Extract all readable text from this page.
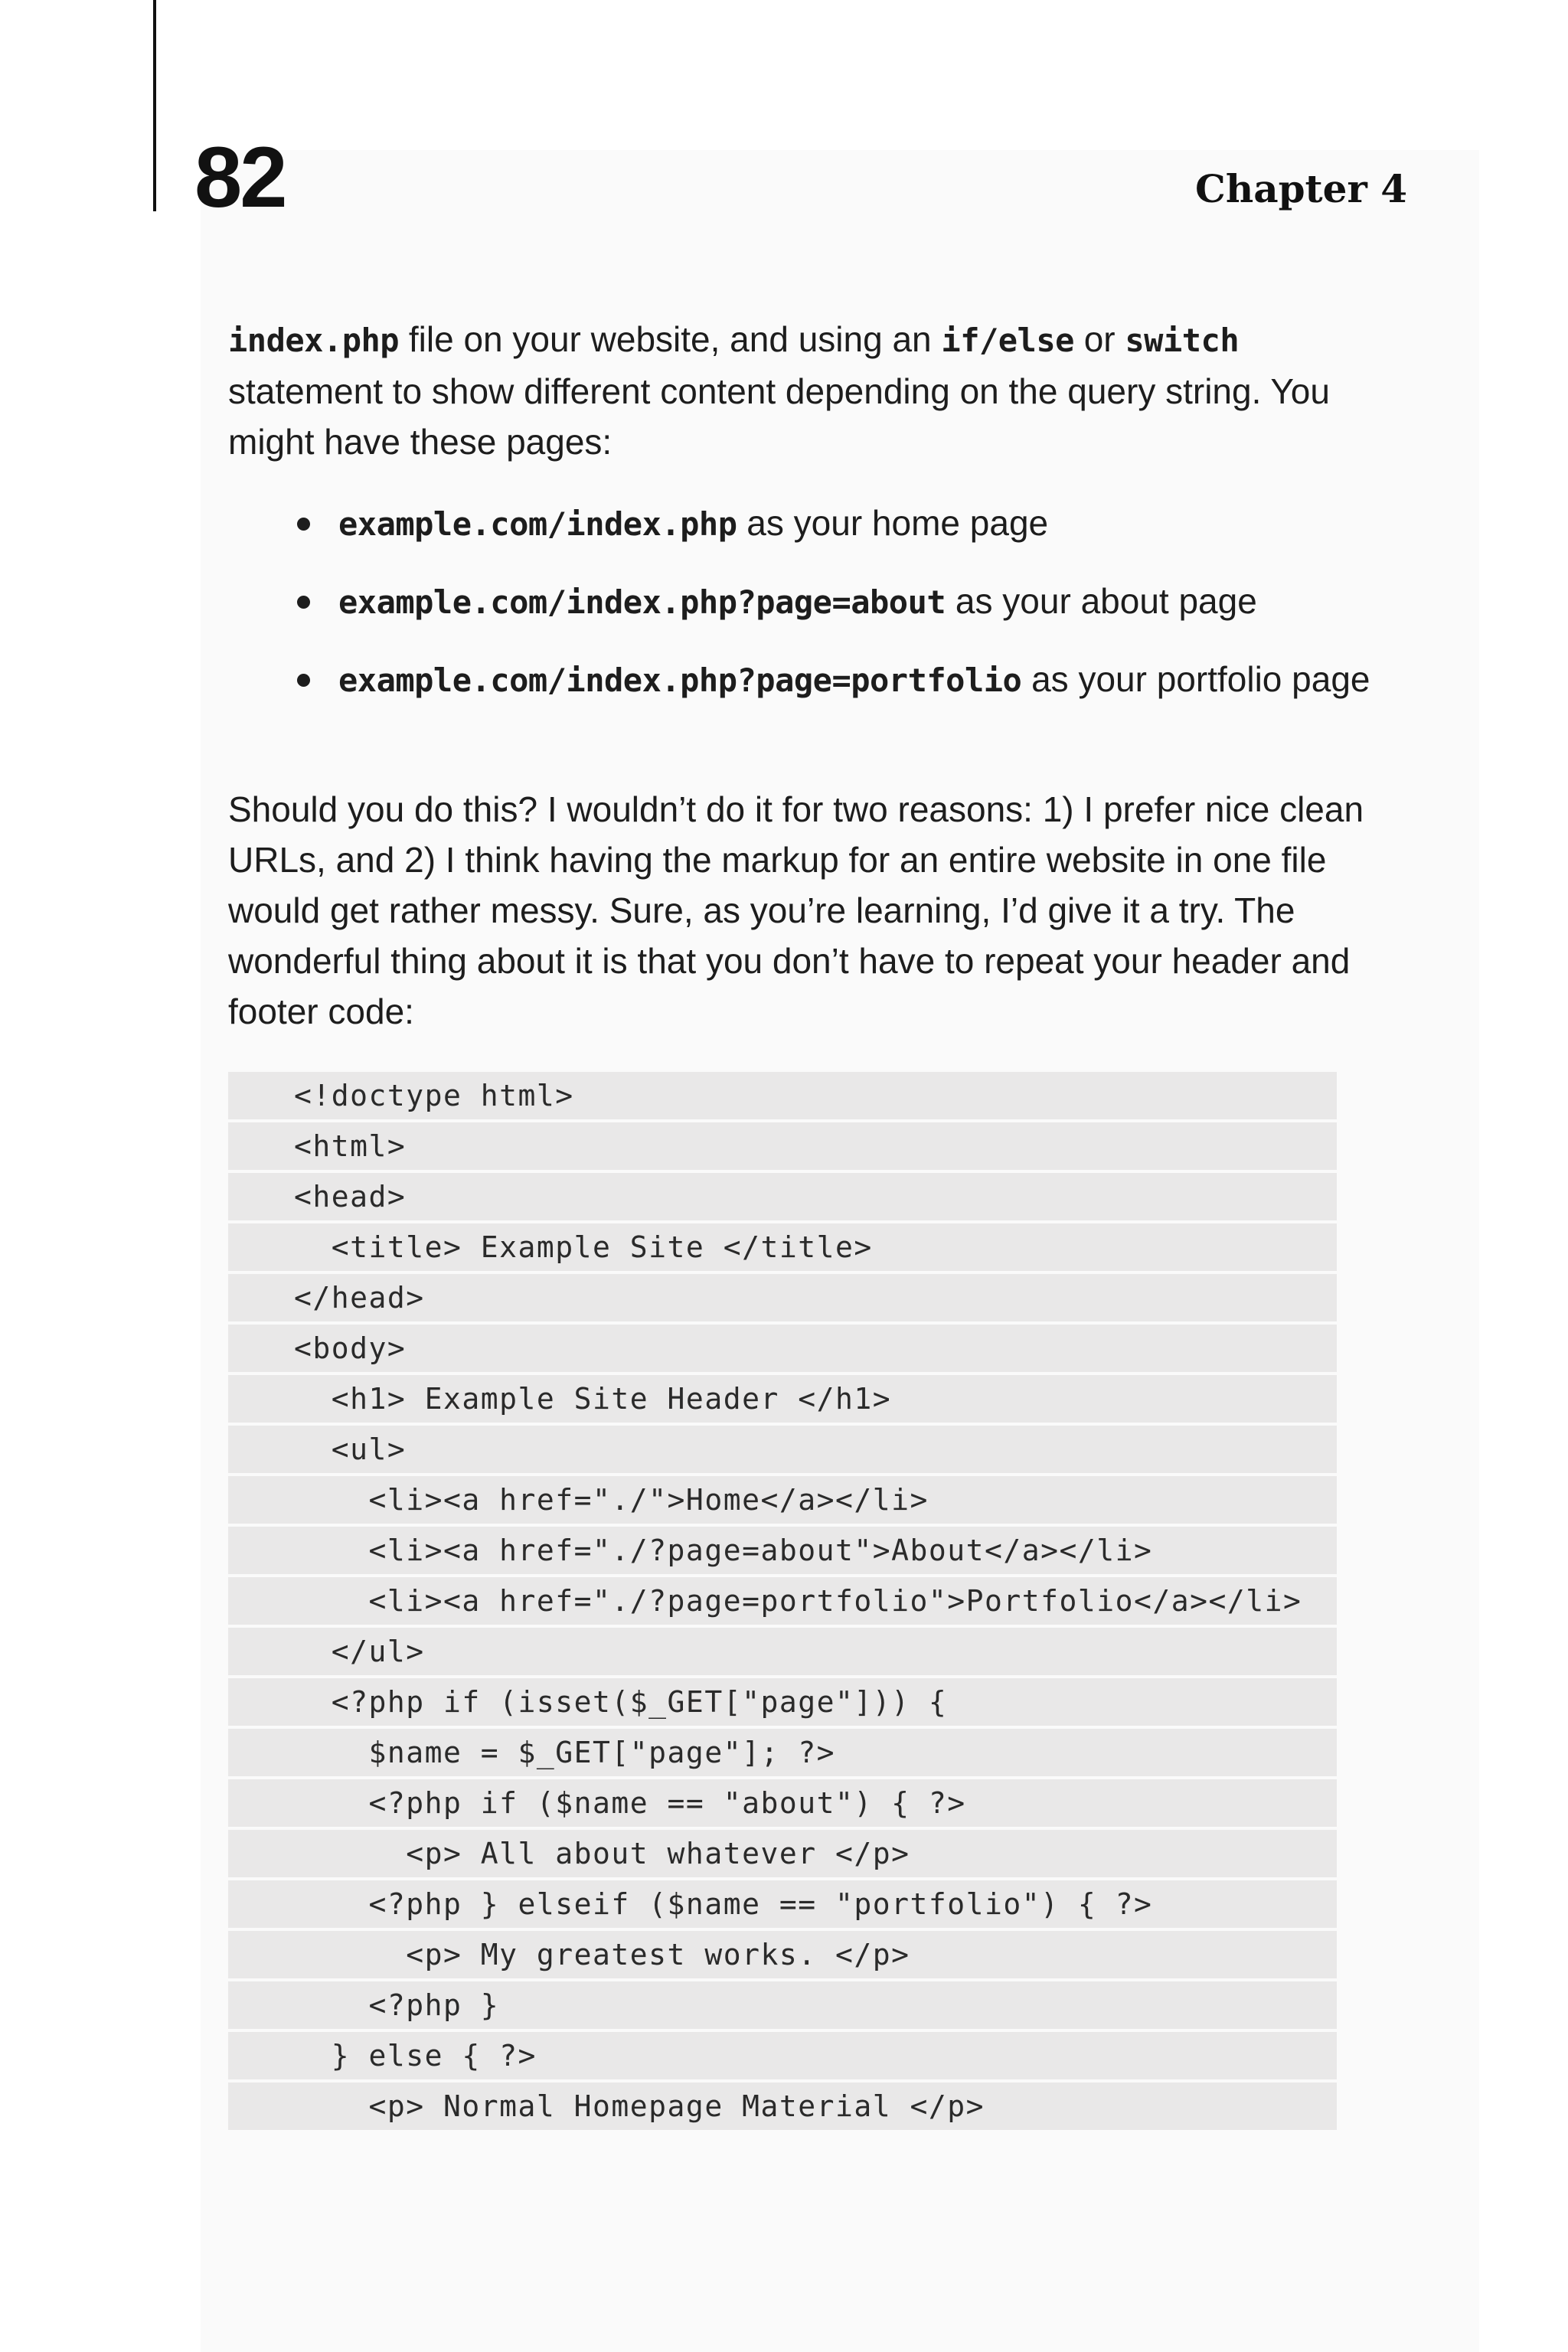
82	Chapter 4

index.php file on your website, and using an if/else or switch statement to show different content depending on the query string. You might have these pages:

example.com/index.php as your home page
example.com/index.php?page=about as your about page
example.com/index.php?page=portfolio as your portfolio page

Should you do this? I wouldn’t do it for two reasons: 1) I prefer nice clean URLs, and 2) I think having the markup for an entire website in one file would get rather messy. Sure, as you’re learning, I’d give it a try. The wonderful thing about it is that you don’t have to repeat your header and footer code:

<!doctype html>
<html>
<head>
<title> Example Site </title>
</head>
<body>
<h1> Example Site Header </h1>
<ul>
<li><a href="./">Home</a></li>
<li><a href="./?page=about">About</a></li>
<li><a href="./?page=portfolio">Portfolio</a></li>
</ul>
<?php if (isset($_GET["page"])) {
$name = $_GET["page"]; ?>
<?php if ($name == "about") { ?>
<p> All about whatever </p>
<?php } elseif ($name == "portfolio") { ?>
<p> My greatest works. </p>
<?php }
} else { ?>
<p> Normal Homepage Material </p>
